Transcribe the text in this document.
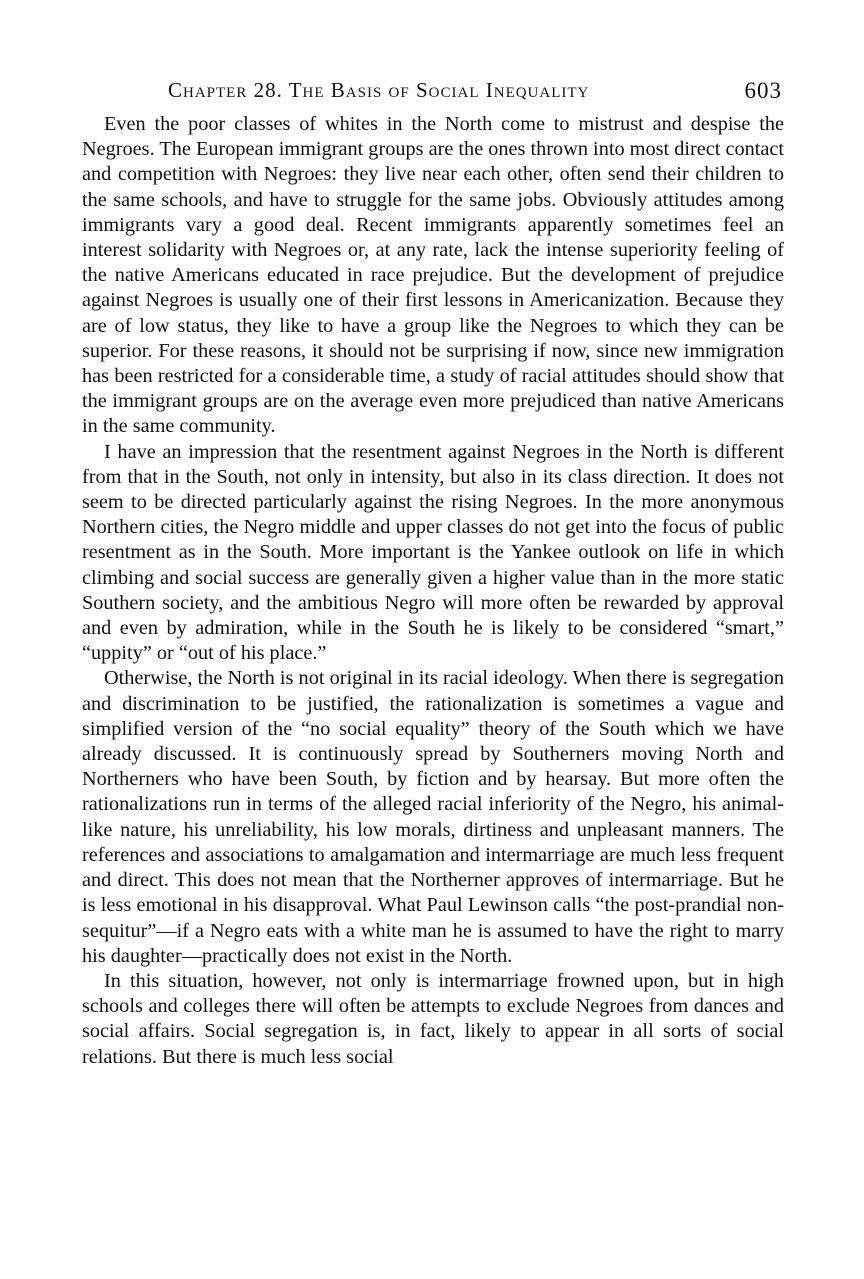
Chapter 28. The Basis of Social Inequality	603

Even the poor classes of whites in the North come to mistrust and despise the Negroes. The European immigrant groups are the ones thrown into most direct contact and competition with Negroes: they live near each other, often send their children to the same schools, and have to struggle for the same jobs. Obviously attitudes among immigrants vary a good deal. Recent immigrants apparently sometimes feel an interest solidarity with Negroes or, at any rate, lack the intense superiority feeling of the native Americans educated in race prejudice. But the development of prejudice against Negroes is usually one of their first lessons in Americanization. Because they are of low status, they like to have a group like the Negroes to which they can be superior. For these reasons, it should not be surprising if now, since new immigration has been restricted for a considerable time, a study of racial attitudes should show that the immigrant groups are on the average even more prejudiced than native Americans in the same community.

I have an impression that the resentment against Negroes in the North is different from that in the South, not only in intensity, but also in its class direction. It does not seem to be directed particularly against the rising Negroes. In the more anonymous Northern cities, the Negro middle and upper classes do not get into the focus of public resentment as in the South. More important is the Yankee outlook on life in which climbing and social success are generally given a higher value than in the more static Southern society, and the ambitious Negro will more often be rewarded by approval and even by admiration, while in the South he is likely to be considered “smart,” “uppity” or “out of his place.”

Otherwise, the North is not original in its racial ideology. When there is segregation and discrimination to be justified, the rationalization is sometimes a vague and simplified version of the “no social equality” theory of the South which we have already discussed. It is continuously spread by Southerners moving North and Northerners who have been South, by fiction and by hearsay. But more often the rationalizations run in terms of the alleged racial inferiority of the Negro, his animal-like nature, his unreliability, his low morals, dirtiness and unpleasant manners. The references and associations to amalgamation and intermarriage are much less frequent and direct. This does not mean that the Northerner approves of intermarriage. But he is less emotional in his disapproval. What Paul Lewinson calls “the post-prandial non-sequitur”—if a Negro eats with a white man he is assumed to have the right to marry his daughter—practically does not exist in the North.

In this situation, however, not only is intermarriage frowned upon, but in high schools and colleges there will often be attempts to exclude Negroes from dances and social affairs. Social segregation is, in fact, likely to appear in all sorts of social relations. But there is much less social
